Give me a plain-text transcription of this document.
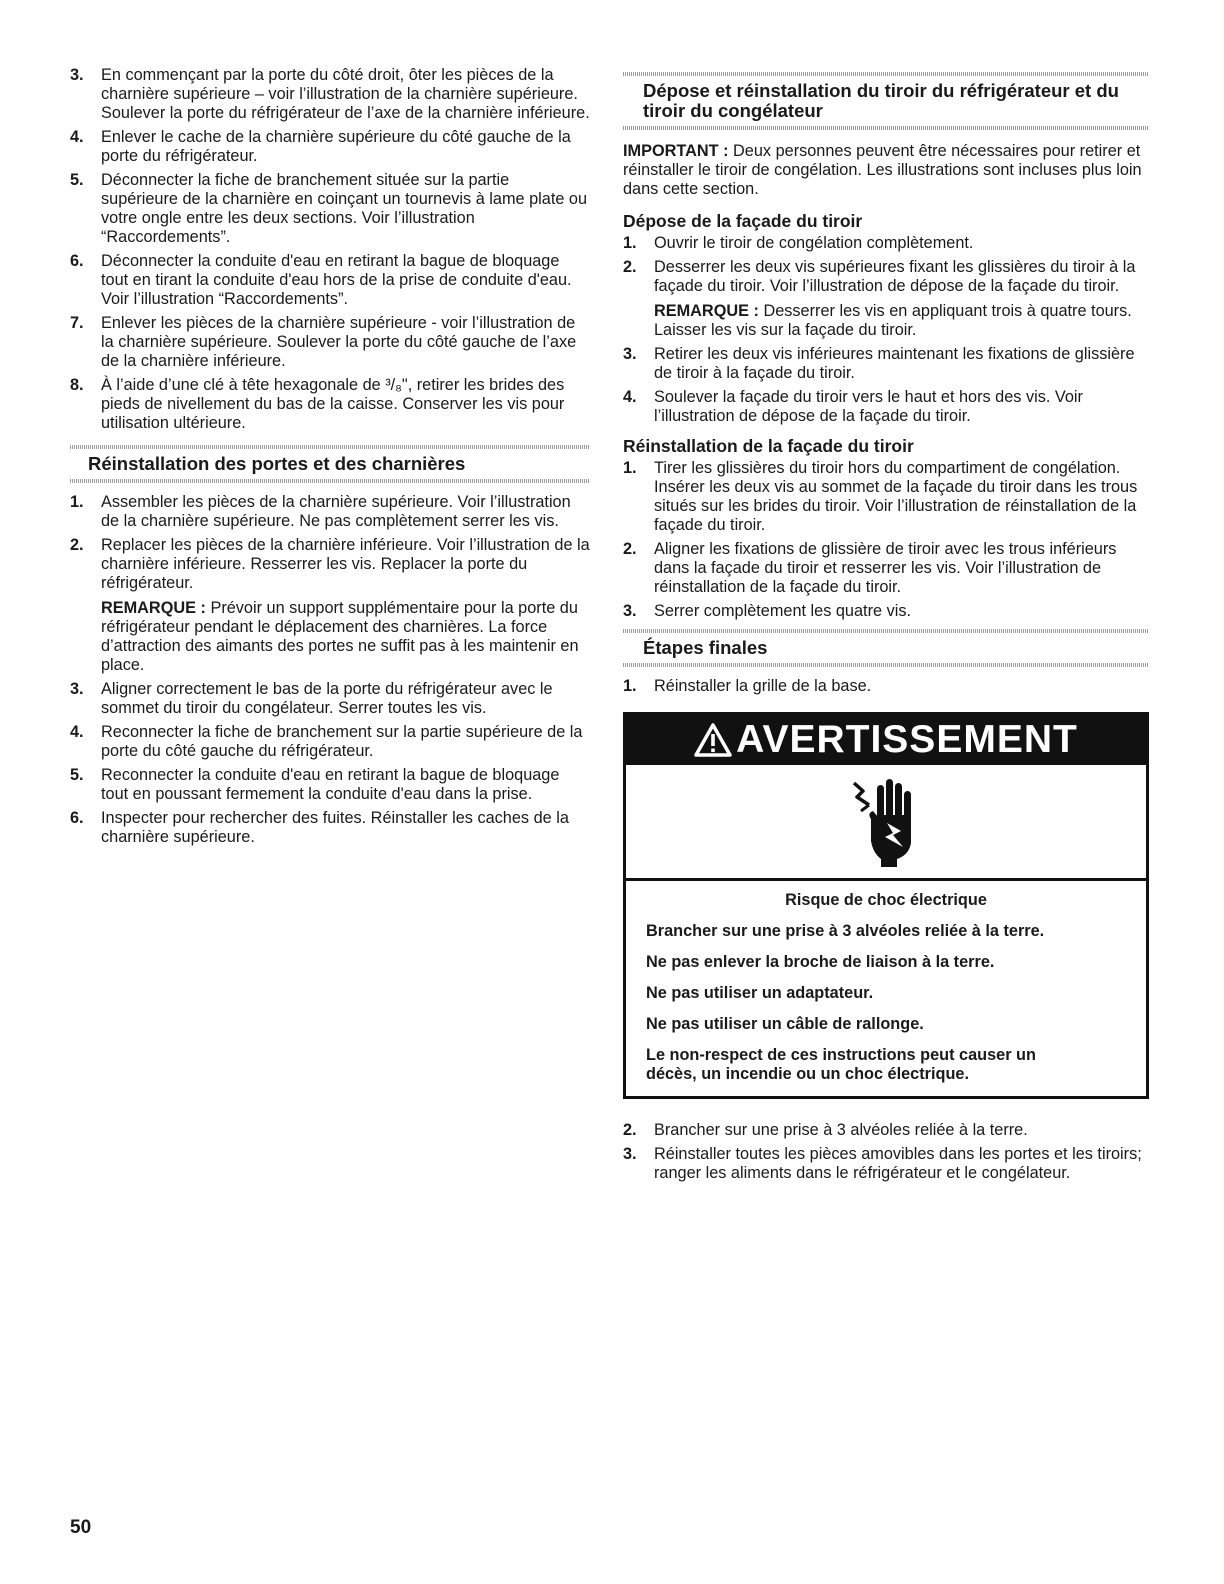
3. En commençant par la porte du côté droit, ôter les pièces de la charnière supérieure – voir l’illustration de la charnière supérieure. Soulever la porte du réfrigérateur de l’axe de la charnière inférieure.
4. Enlever le cache de la charnière supérieure du côté gauche de la porte du réfrigérateur.
5. Déconnecter la fiche de branchement située sur la partie supérieure de la charnière en coinçant un tournevis à lame plate ou votre ongle entre les deux sections. Voir l’illustration “Raccordements”.
6. Déconnecter la conduite d'eau en retirant la bague de bloquage tout en tirant la conduite d'eau hors de la prise de conduite d'eau. Voir l’illustration “Raccordements”.
7. Enlever les pièces de la charnière supérieure - voir l’illustration de la charnière supérieure. Soulever la porte du côté gauche de l’axe de la charnière inférieure.
8. À l’aide d’une clé à tête hexagonale de ³/₈", retirer les brides des pieds de nivellement du bas de la caisse. Conserver les vis pour utilisation ultérieure.
Réinstallation des portes et des charnières
1. Assembler les pièces de la charnière supérieure. Voir l’illustration de la charnière supérieure. Ne pas complètement serrer les vis.
2. Replacer les pièces de la charnière inférieure. Voir l’illustration de la charnière inférieure. Resserrer les vis. Replacer la porte du réfrigérateur.
REMARQUE : Prévoir un support supplémentaire pour la porte du réfrigérateur pendant le déplacement des charnières. La force d’attraction des aimants des portes ne suffit pas à les maintenir en place.
3. Aligner correctement le bas de la porte du réfrigérateur avec le sommet du tiroir du congélateur. Serrer toutes les vis.
4. Reconnecter la fiche de branchement sur la partie supérieure de la porte du côté gauche du réfrigérateur.
5. Reconnecter la conduite d'eau en retirant la bague de bloquage tout en poussant fermement la conduite d'eau dans la prise.
6. Inspecter pour rechercher des fuites. Réinstaller les caches de la charnière supérieure.
Dépose et réinstallation du tiroir du réfrigérateur et du tiroir du congélateur

IMPORTANT : Deux personnes peuvent être nécessaires pour retirer et réinstaller le tiroir de congélation. Les illustrations sont incluses plus loin dans cette section.

Dépose de la façade du tiroir
1. Ouvrir le tiroir de congélation complètement.
2. Desserrer les deux vis supérieures fixant les glissières du tiroir à la façade du tiroir. Voir l’illustration de dépose de la façade du tiroir.
REMARQUE : Desserrer les vis en appliquant trois à quatre tours. Laisser les vis sur la façade du tiroir.
3. Retirer les deux vis inférieures maintenant les fixations de glissière de tiroir à la façade du tiroir.
4. Soulever la façade du tiroir vers le haut et hors des vis. Voir l’illustration de dépose de la façade du tiroir.
Réinstallation de la façade du tiroir
1. Tirer les glissières du tiroir hors du compartiment de congélation. Insérer les deux vis au sommet de la façade du tiroir dans les trous situés sur les brides du tiroir. Voir l’illustration de réinstallation de la façade du tiroir.
2. Aligner les fixations de glissière de tiroir avec les trous inférieurs dans la façade du tiroir et resserrer les vis. Voir l’illustration de réinstallation de la façade du tiroir.
3. Serrer complètement les quatre vis.
Étapes finales
1. Réinstaller la grille de la base.
AVERTISSEMENT

Risque de choc électrique

Brancher sur une prise à 3 alvéoles reliée à la terre.

Ne pas enlever la broche de liaison à la terre.

Ne pas utiliser un adaptateur.

Ne pas utiliser un câble de rallonge.

Le non-respect de ces instructions peut causer un décès, un incendie ou un choc électrique.

2. Brancher sur une prise à 3 alvéoles reliée à la terre.
3. Réinstaller toutes les pièces amovibles dans les portes et les tiroirs; ranger les aliments dans le réfrigérateur et le congélateur.
50
